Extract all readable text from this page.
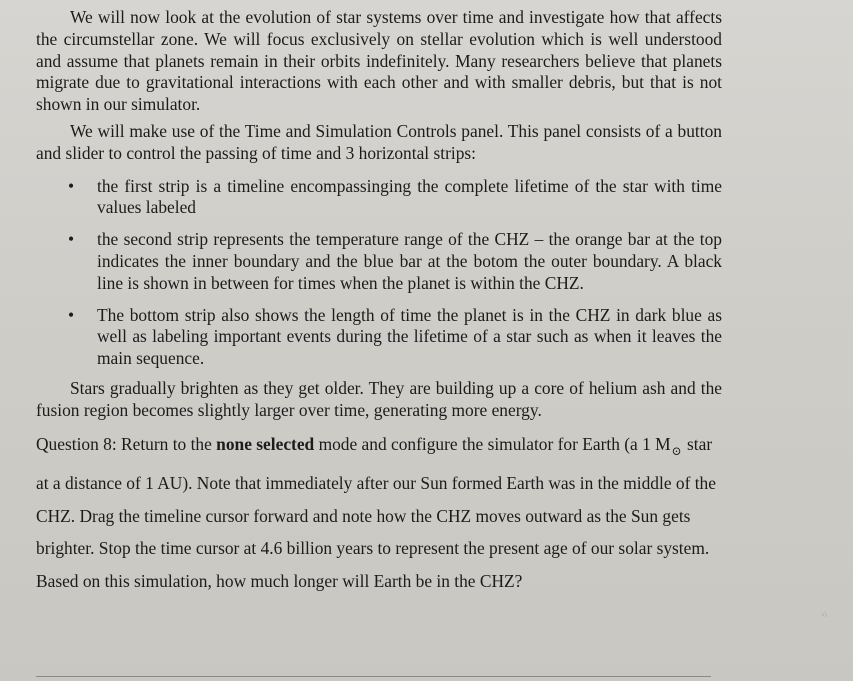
We will now look at the evolution of star systems over time and investigate how that affects the circumstellar zone. We will focus exclusively on stellar evolution which is well understood and assume that planets remain in their orbits indefinitely. Many researchers believe that planets migrate due to gravitational interactions with each other and with smaller debris, but that is not shown in our simulator.

We will make use of the Time and Simulation Controls panel. This panel consists of a button and slider to control the passing of time and 3 horizontal strips:

• the first strip is a timeline encompassinging the complete lifetime of the star with time values labeled
• the second strip represents the temperature range of the CHZ – the orange bar at the top indicates the inner boundary and the blue bar at the botom the outer boundary. A black line is shown in between for times when the planet is within the CHZ.
• The bottom strip also shows the length of time the planet is in the CHZ in dark blue as well as labeling important events during the lifetime of a star such as when it leaves the main sequence.

Stars gradually brighten as they get older. They are building up a core of helium ash and the fusion region becomes slightly larger over time, generating more energy.

Question 8: Return to the none selected mode and configure the simulator for Earth (a 1 $M_⊙$ star at a distance of 1 AU). Note that immediately after our Sun formed Earth was in the middle of the CHZ. Drag the timeline cursor forward and note how the CHZ moves outward as the Sun gets brighter. Stop the time cursor at 4.6 billion years to represent the present age of our solar system. Based on this simulation, how much longer will Earth be in the CHZ?

ᵛʲ
